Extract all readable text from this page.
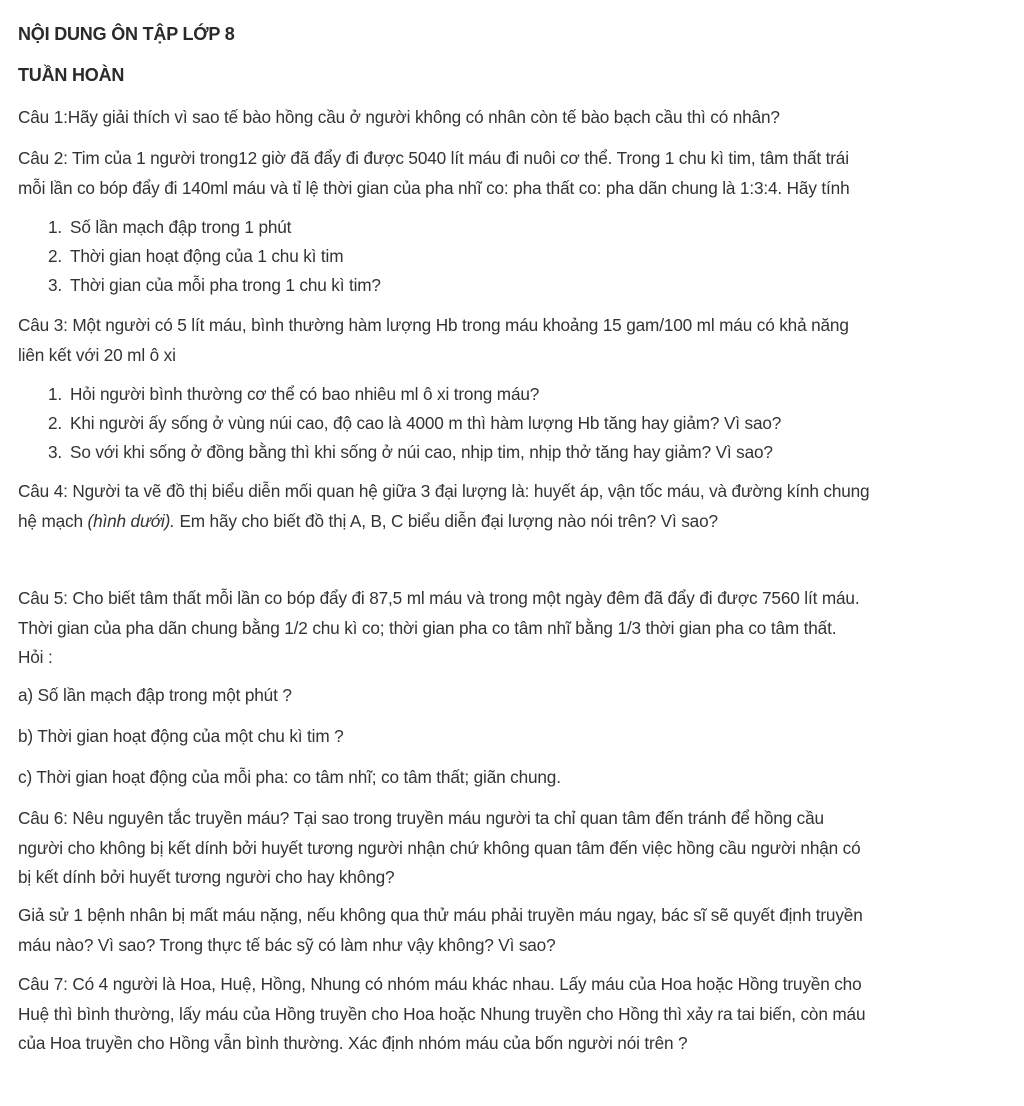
NỘI DUNG ÔN TẬP LỚP 8
TUẦN HOÀN
Câu 1:Hãy giải thích vì sao tế bào hồng cầu ở người không có nhân còn tế bào bạch cầu thì có nhân?
Câu 2: Tim của 1 người trong12 giờ đã đẩy đi được 5040 lít máu đi nuôi cơ thể. Trong 1 chu kì tim, tâm thất trái
mỗi lần co bóp đẩy đi 140ml máu và tỉ lệ thời gian của pha nhĩ co: pha thất co: pha dãn chung là 1:3:4. Hãy tính
1. Số lần mạch đập trong 1 phút
2. Thời gian hoạt động của 1 chu kì tim
3. Thời gian của mỗi pha trong 1 chu kì tim?
Câu 3: Một người có 5 lít máu, bình thường hàm lượng Hb trong máu khoảng 15 gam/100 ml máu có khả năng
liên kết với 20 ml ô xi
1. Hỏi người bình thường cơ thể có bao nhiêu ml ô xi trong máu?
2. Khi người ấy sống ở vùng núi cao, độ cao là 4000 m thì hàm lượng Hb tăng hay giảm? Vì sao?
3. So với khi sống ở đồng bằng thì khi sống ở núi cao, nhịp tim, nhịp thở tăng hay giảm? Vì sao?
Câu 4: Người ta vẽ đồ thị biểu diễn mối quan hệ giữa 3 đại lượng là: huyết áp, vận tốc máu, và đường kính chung
hệ mạch (hình dưới). Em hãy cho biết đồ thị A, B, C biểu diễn đại lượng nào nói trên? Vì sao?
Câu 5: Cho biết tâm thất mỗi lần co bóp đẩy đi 87,5 ml máu và trong một ngày đêm đã đẩy đi được 7560 lít máu.
Thời gian của pha dãn chung bằng 1/2 chu kì co; thời gian pha co tâm nhĩ bằng 1/3 thời gian pha co tâm thất.
Hỏi :
a) Số lần mạch đập trong một phút ?
b) Thời gian hoạt động của một chu kì tim ?
c) Thời gian hoạt động của mỗi pha: co tâm nhĩ; co tâm thất; giãn chung.
Câu 6: Nêu nguyên tắc truyền máu? Tại sao trong truyền máu người ta chỉ quan tâm đến tránh để hồng cầu
người cho không bị kết dính bởi huyết tương người nhận chứ không quan tâm đến việc hồng cầu người nhận có
bị kết dính bởi huyết tương người cho hay không?
Giả sử 1 bệnh nhân bị mất máu nặng, nếu không qua thử máu phải truyền máu ngay, bác sĩ sẽ quyết định truyền
máu nào? Vì sao? Trong thực tế bác sỹ có làm như vậy không? Vì sao?
Câu 7: Có 4 người là Hoa, Huệ, Hồng, Nhung có nhóm máu khác nhau. Lấy máu của Hoa hoặc Hồng truyền cho
Huệ thì bình thường, lấy máu của Hồng truyền cho Hoa hoặc Nhung truyền cho Hồng thì xảy ra tai biến, còn máu
của Hoa truyền cho Hồng vẫn bình thường. Xác định nhóm máu của bốn người nói trên ?
